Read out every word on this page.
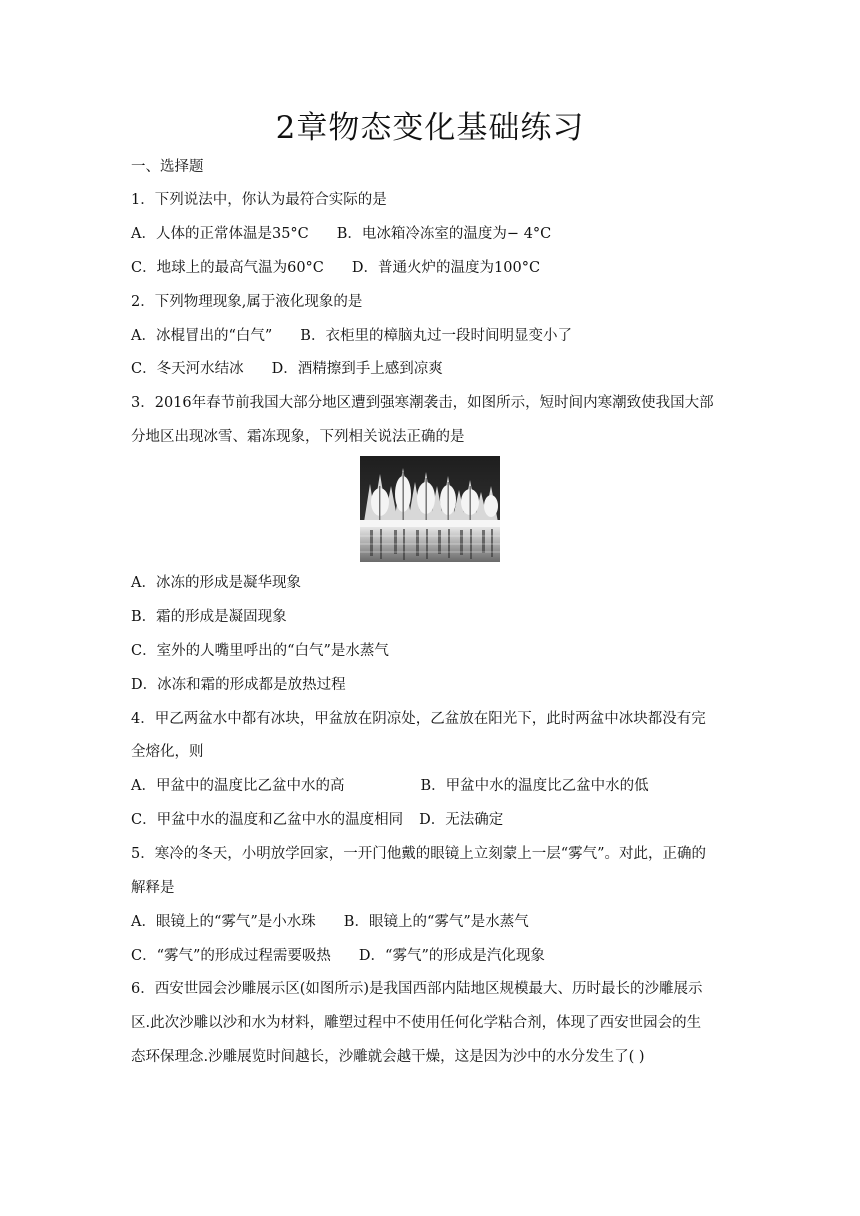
2章物态变化基础练习
一、选择题
1．下列说法中，你认为最符合实际的是
A．人体的正常体温是35°C B．电冰箱冷冻室的温度为− 4°C
C．地球上的最高气温为60°C D．普通火炉的温度为100°C
2．下列物理现象,属于液化现象的是
A．冰棍冒出的“白气” B．衣柜里的樟脑丸过一段时间明显变小了
C．冬天河水结冰 D．酒精擦到手上感到凉爽
3．2016年春节前我国大部分地区遭到强寒潮袭击，如图所示，短时间内寒潮致使我国大部
分地区出现冰雪、霜冻现象，下列相关说法正确的是
A．冰冻的形成是凝华现象
B．霜的形成是凝固现象
C．室外的人嘴里呼出的“白气”是水蒸气
D．冰冻和霜的形成都是放热过程
4．甲乙两盆水中都有冰块，甲盆放在阴凉处，乙盆放在阳光下，此时两盆中冰块都没有完
全熔化，则
A．甲盆中的温度比乙盆中水的高	B．甲盆中水的温度比乙盆中水的低
C．甲盆中水的温度和乙盆中水的温度相同 D．无法确定
5．寒冷的冬天，小明放学回家，一开门他戴的眼镜上立刻蒙上一层“雾气”。对此，正确的
解释是
A．眼镜上的“雾气”是小水珠 B．眼镜上的“雾气”是水蒸气
C．“雾气”的形成过程需要吸热 D．“雾气”的形成是汽化现象
6．西安世园会沙雕展示区(如图所示)是我国西部内陆地区规模最大、历时最长的沙雕展示
区.此次沙雕以沙和水为材料，雕塑过程中不使用任何化学粘合剂，体现了西安世园会的生
态环保理念.沙雕展览时间越长，沙雕就会越干燥，这是因为沙中的水分发生了( )
